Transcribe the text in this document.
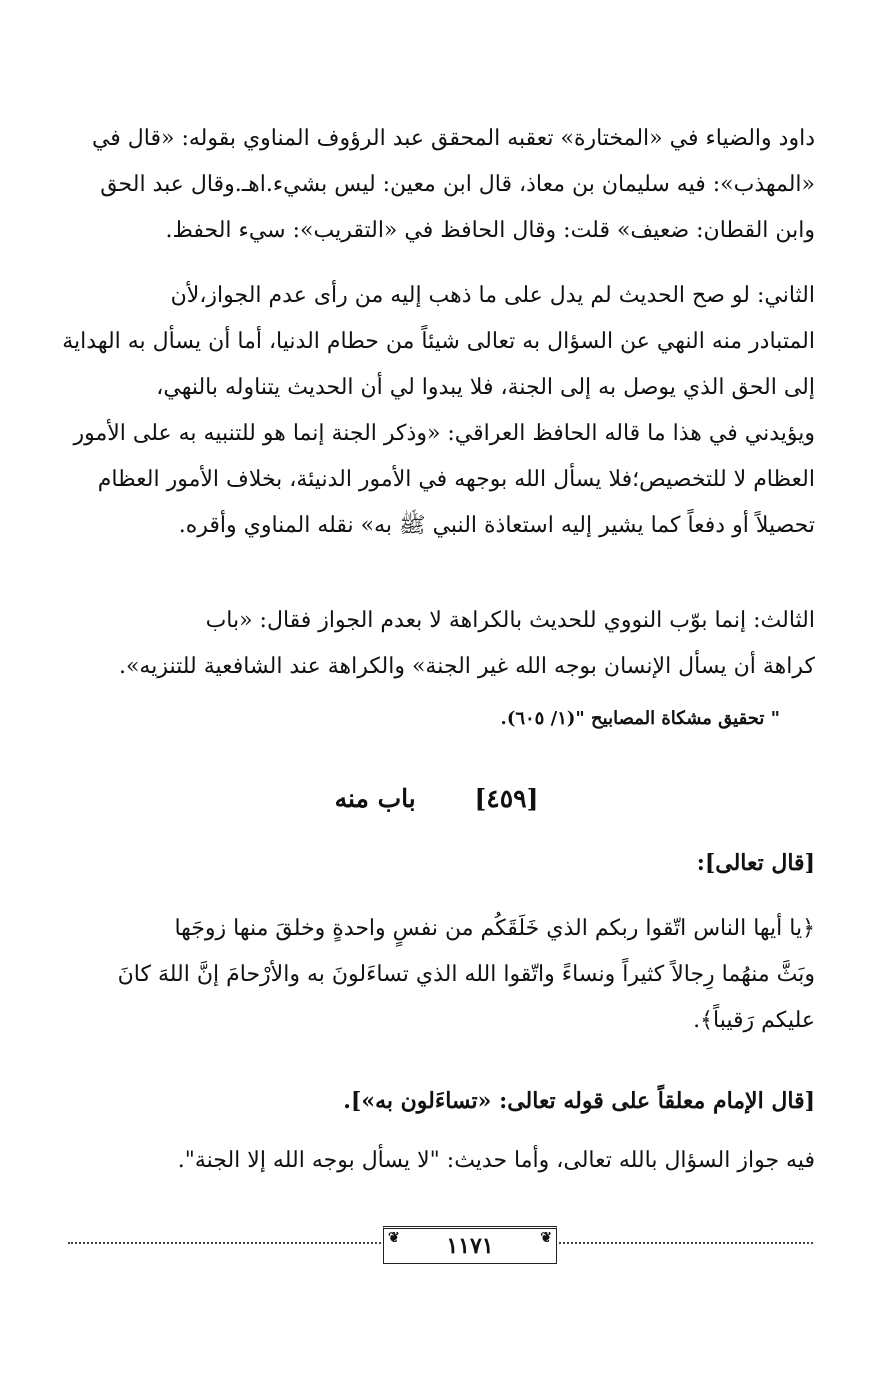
داود والضياء في «المختارة» تعقبه المحقق عبد الرؤوف المناوي بقوله: «قال في
«المهذب»: فيه سليمان بن معاذ، قال ابن معين: ليس بشيء.اهـ.وقال عبد الحق
وابن القطان: ضعيف» قلت: وقال الحافظ في «التقريب»: سيء الحفظ.
الثاني: لو صح الحديث لم يدل على ما ذهب إليه من رأى عدم الجواز،لأن
المتبادر منه النهي عن السؤال به تعالى شيئاً من حطام الدنيا، أما أن يسأل به الهداية
إلى الحق الذي يوصل به إلى الجنة، فلا يبدوا لي أن الحديث يتناوله بالنهي،
ويؤيدني في هذا ما قاله الحافظ العراقي: «وذكر الجنة إنما هو للتنبيه به على الأمور
العظام لا للتخصيص؛فلا يسأل الله بوجهه في الأمور الدنيئة، بخلاف الأمور العظام
تحصيلاً أو دفعاً كما يشير إليه استعاذة النبي ﷺ به» نقله المناوي وأقره.
الثالث: إنما بوّب النووي للحديث بالكراهة لا بعدم الجواز فقال: «باب
كراهة أن يسأل الإنسان بوجه الله غير الجنة» والكراهة عند الشافعية للتنزيه».
" تحقيق مشكاة المصابيح "(١/ ٦٠٥).
[٤٥٩] باب منه
[قال تعالى]:
﴿يا أيها الناس اتّقوا ربكم الذي خَلَقَكُم من نفسٍ واحدةٍ وخلقَ منها زوجَها
وبَثَّ منهُما رِجالاً كثيراً ونساءً واتّقوا الله الذي تساءَلونَ به والأرْحامَ إنَّ اللهَ كانَ
عليكم رَقيباً﴾.
[قال الإمام معلقاً على قوله تعالى: «تساءَلون به»].
فيه جواز السؤال بالله تعالى، وأما حديث: "لا يسأل بوجه الله إلا الجنة".
❦
١١٧١
❦
